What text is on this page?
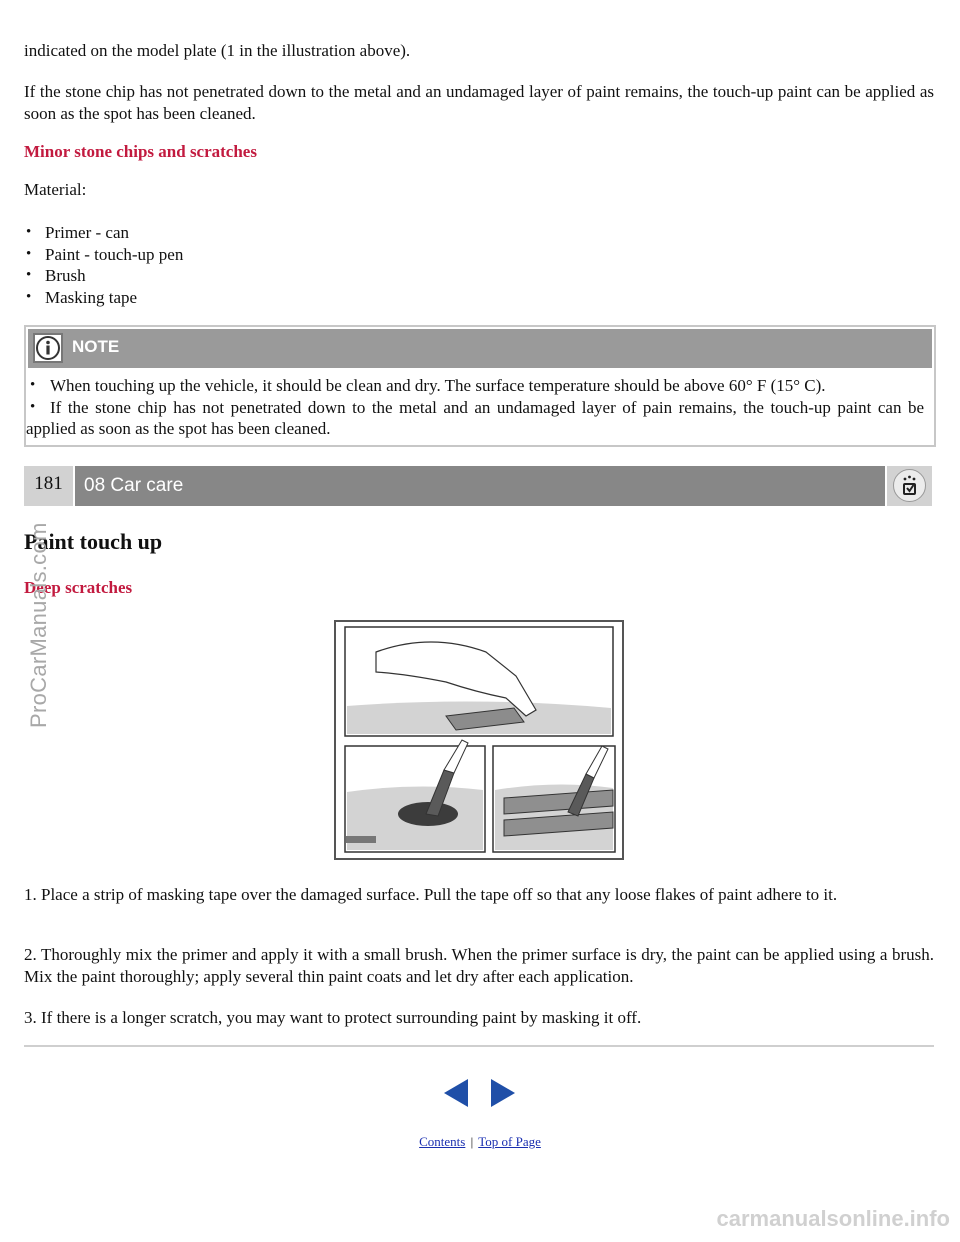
indicated on the model plate (1 in the illustration above).

If the stone chip has not penetrated down to the metal and an undamaged layer of paint remains, the touch-up paint can be applied as soon as the spot has been cleaned.

Minor stone chips and scratches
Material:
• Primer - can
• Paint - touch-up pen
• Brush
• Masking tape
NOTE
• When touching up the vehicle, it should be clean and dry. The surface temperature should be above 60° F (15° C).
• If the stone chip has not penetrated down to the metal and an undamaged layer of pain remains, the touch-up paint can be applied as soon as the spot has been cleaned.
181	08 Car care
Paint touch up
Deep scratches

1. Place a strip of masking tape over the damaged surface. Pull the tape off so that any loose flakes of paint adhere to it.

2. Thoroughly mix the primer and apply it with a small brush. When the primer surface is dry, the paint can be applied using a brush. Mix the paint thoroughly; apply several thin paint coats and let dry after each application.

3. If there is a longer scratch, you may want to protect surrounding paint by masking it off.

Contents | Top of Page
ProCarManuals.com
carmanualsonline.info
